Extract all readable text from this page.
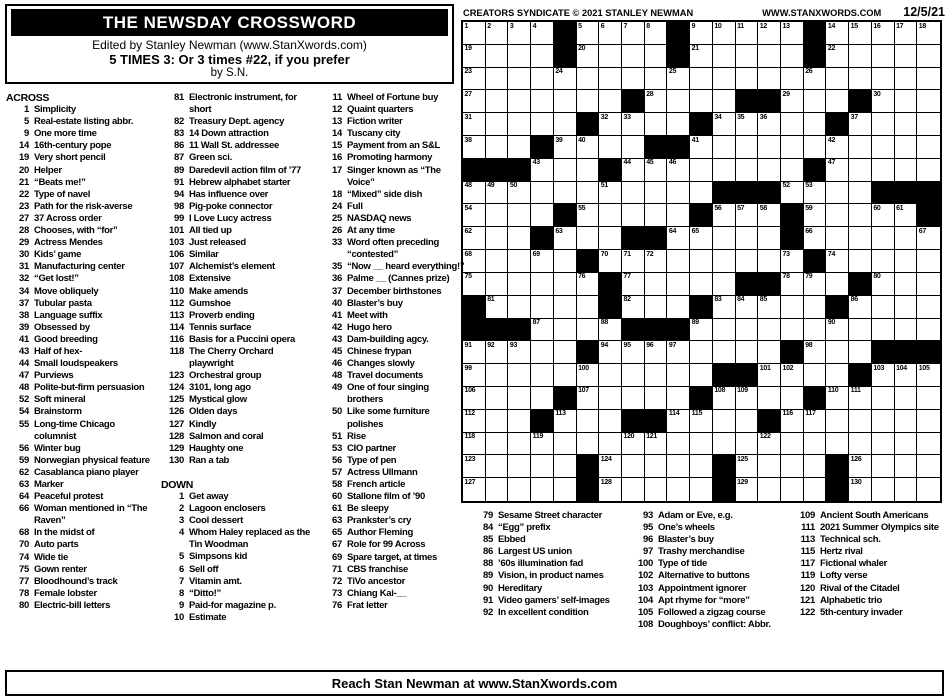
THE NEWSDAY CROSSWORD
Edited by Stanley Newman (www.StanXwords.com)
5 TIMES 3: Or 3 times #22, if you prefer
by S.N.
CREATORS SYNDICATE © 2021 STANLEY NEWMAN	WWW.STANXWORDS.COM 12/5/21
1	2	3	4	5	6	7	8	9	10 11 12 13	14 15 16 17 18
19	20	21	22
23	24	25	26
27	28	29	30
31	32 33	34 35 36	37
38	39 40	41	42
43	44 45 46	47
48 49 50	51	52 53
54	55	56 57 58	59	60 61
62	63	64 65	66	67
68	69	70 71 72	73	74
75	76	77	78 79	80
81	82	83 84 85	86
87	88	89	90
91 92 93	94 95 96 97	98
99	100	101 102	103 104 105
106	107	108 109	110 111
112	113	114 115	116 117
118	119	120 121	122
123	124	125	126
127	128	129	130
ACROSS
1 Simplicity
5 Real-estate listing abbr.
9 One more time
14 16th-century pope
19 Very short pencil
20 Helper
21 “Beats me!”
22 Type of navel
23 Path for the risk-averse
27 37 Across order
28 Chooses, with “for”
29 Actress Mendes
30 Kids’ game
31 Manufacturing center
32 “Get lost!”
34 Move obliquely
37 Tubular pasta
38 Language suffix
39 Obsessed by
41 Good breeding
43 Half of hex-
44 Small loudspeakers
47 Purviews
48 Polite-but-firm persuasion
52 Soft mineral
54 Brainstorm
55 Long-time Chicago columnist
56 Winter bug
59 Norwegian physical feature
62 Casablanca piano player
63 Marker
64 Peaceful protest
66 Woman mentioned in “The Raven”
68 In the midst of
70 Auto parts
74 Wide tie
75 Gown renter
77 Bloodhound’s track
78 Female lobster
80 Electric-bill letters
81 Electronic instrument, for short
82 Treasury Dept. agency
83 14 Down attraction
86 11 Wall St. addressee
87 Green sci.
89 Daredevil action film of ’77
91 Hebrew alphabet starter
94 Has influence over
98 Pig-poke connector
99 I Love Lucy actress
101 All tied up
103 Just released
106 Similar
107 Alchemist’s element
108 Extensive
110 Make amends
112 Gumshoe
113 Proverb ending
114 Tennis surface
116 Basis for a Puccini opera
118 The Cherry Orchard playwright
123 Orchestral group
124 3101, long ago
125 Mystical glow
126 Olden days
127 Kindly
128 Salmon and coral
129 Haughty one
130 Ran a tab
DOWN
1 Get away
2 Lagoon enclosers
3 Cool dessert
4 Whom Haley replaced as the Tin Woodman
5 Simpsons kid
6 Sell off
7 Vitamin amt.
8 “Ditto!”
9 Paid-for magazine p.
10 Estimate
11 Wheel of Fortune buy
12 Quaint quarters
13 Fiction writer
14 Tuscany city
15 Payment from an S&L
16 Promoting harmony
17 Singer known as “The Voice”
18 “Mixed” side dish
24 Full
25 NASDAQ news
26 At any time
33 Word often preceding “contested”
35 “Now __ heard everything!”
36 Palme __ (Cannes prize)
37 December birthstones
40 Blaster’s buy
41 Meet with
42 Hugo hero
43 Dam-building agcy.
45 Chinese frypan
46 Changes slowly
48 Travel documents
49 One of four singing brothers
50 Like some furniture polishes
51 Rise
53 CIO partner
56 Type of pen
57 Actress Ullmann
58 French article
60 Stallone film of ’90
61 Be sleepy
63 Prankster’s cry
65 Author Fleming
67 Role for 99 Across
69 Spare target, at times
71 CBS franchise
72 TiVo ancestor
73 Chiang Kai-__
76 Frat letter
79 Sesame Street character
84 “Egg” prefix
85 Ebbed
86 Largest US union
88 ’60s illumination fad
89 Vision, in product names
90 Hereditary
91 Video gamers’ self-images
92 In excellent condition
93 Adam or Eve, e.g.
95 One’s wheels
96 Blaster’s buy
97 Trashy merchandise
100 Type of tide
102 Alternative to buttons
103 Appointment ignorer
104 Apt rhyme for “more”
105 Followed a zigzag course
108 Doughboys’ conflict: Abbr.
109 Ancient South Americans
111 2021 Summer Olympics site
113 Technical sch.
115 Hertz rival
117 Fictional whaler
119 Lofty verse
120 Rival of the Citadel
121 Alphabetic trio
122 5th-century invader
Reach Stan Newman at www.StanXwords.com
